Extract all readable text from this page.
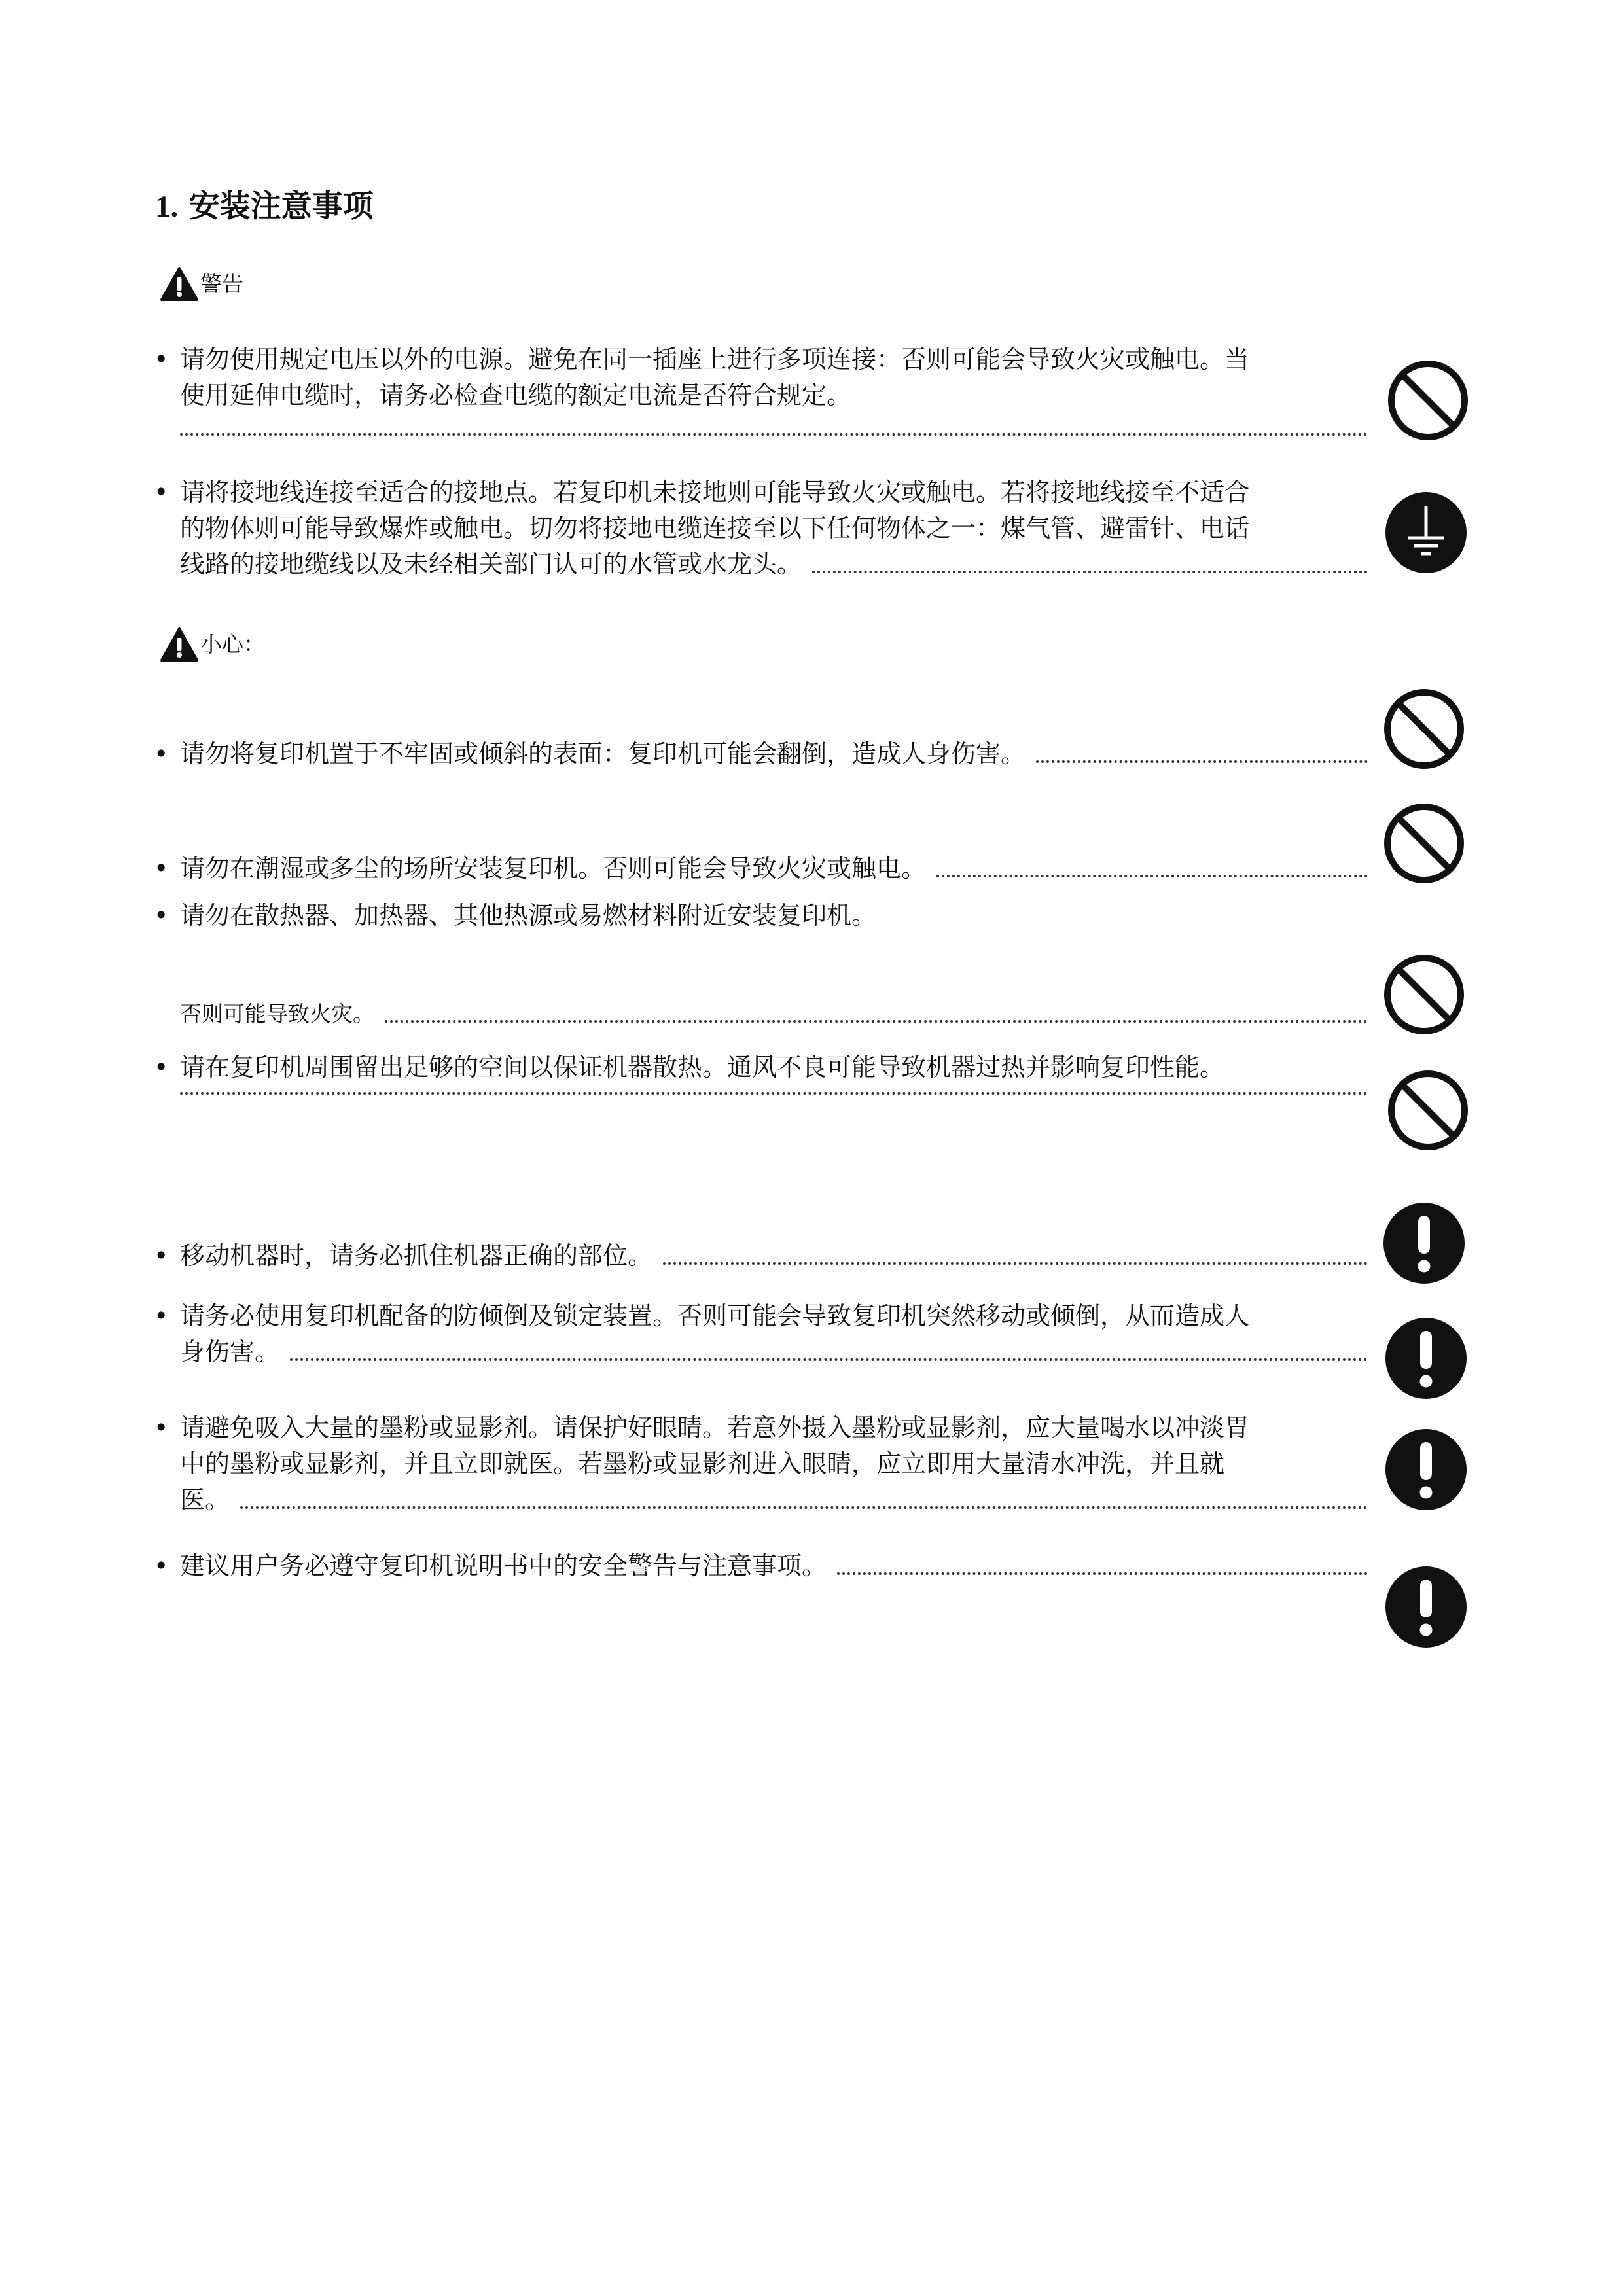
1. 安装注意事项
警告
• 请勿使用规定电压以外的电源。避免在同一插座上进行多项连接：否则可能会导致火灾或触电。当
使用延伸电缆时，请务必检查电缆的额定电流是否符合规定。
• 请将接地线连接至适合的接地点。若复印机未接地则可能导致火灾或触电。若将接地线接至不适合
的物体则可能导致爆炸或触电。切勿将接地电缆连接至以下任何物体之一：煤气管、避雷针、电话
线路的接地缆线以及未经相关部门认可的水管或水龙头。
小心：
• 请勿将复印机置于不牢固或倾斜的表面：复印机可能会翻倒，造成人身伤害。
• 请勿在潮湿或多尘的场所安装复印机。否则可能会导致火灾或触电。
• 请勿在散热器、加热器、其他热源或易燃材料附近安装复印机。
否则可能导致火灾。
• 请在复印机周围留出足够的空间以保证机器散热。通风不良可能导致机器过热并影响复印性能。
• 移动机器时，请务必抓住机器正确的部位。
• 请务必使用复印机配备的防倾倒及锁定装置。否则可能会导致复印机突然移动或倾倒，从而造成人
身伤害。
• 请避免吸入大量的墨粉或显影剂。请保护好眼睛。若意外摄入墨粉或显影剂，应大量喝水以冲淡胃
中的墨粉或显影剂，并且立即就医。若墨粉或显影剂进入眼睛，应立即用大量清水冲洗，并且就
医。
• 建议用户务必遵守复印机说明书中的安全警告与注意事项。
